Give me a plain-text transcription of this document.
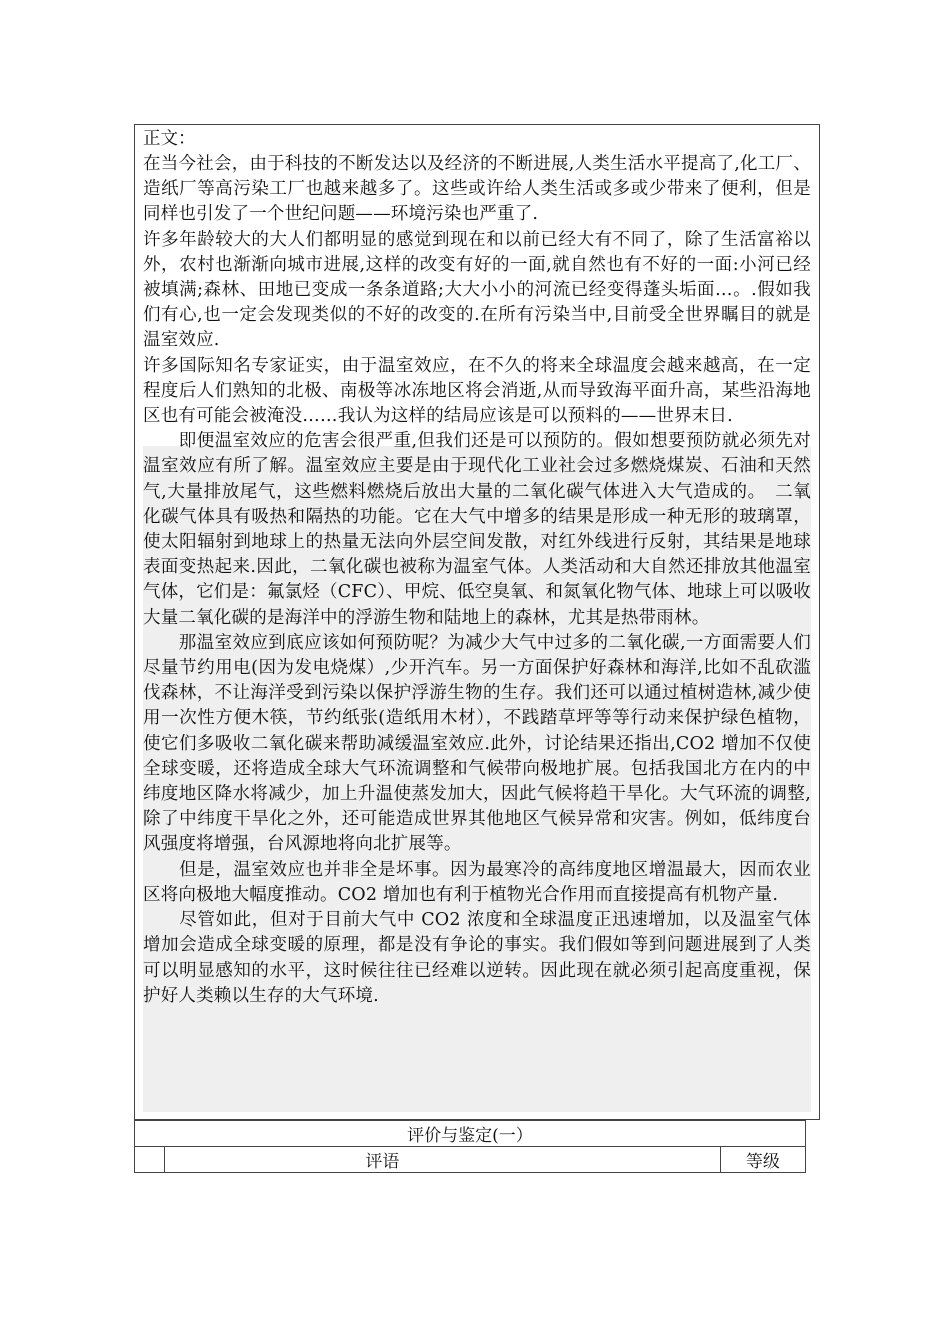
正文：

在当今社会，由于科技的不断发达以及经济的不断进展,人类生活水平提高了,化工厂、造纸厂等高污染工厂也越来越多了。这些或许给人类生活或多或少带来了便利，但是同样也引发了一个世纪问题——环境污染也严重了.

许多年龄较大的大人们都明显的感觉到现在和以前已经大有不同了，除了生活富裕以外，农村也渐渐向城市进展,这样的改变有好的一面,就自然也有不好的一面:小河已经被填满;森林、田地已变成一条条道路;大大小小的河流已经变得蓬头垢面…。.假如我们有心,也一定会发现类似的不好的改变的.在所有污染当中,目前受全世界瞩目的就是温室效应.

许多国际知名专家证实，由于温室效应，在不久的将来全球温度会越来越高，在一定程度后人们熟知的北极、南极等冰冻地区将会消逝,从而导致海平面升高，某些沿海地区也有可能会被淹没……我认为这样的结局应该是可以预料的——世界末日.

　　即便温室效应的危害会很严重,但我们还是可以预防的。假如想要预防就必须先对温室效应有所了解。温室效应主要是由于现代化工业社会过多燃烧煤炭、石油和天然气,大量排放尾气，这些燃料燃烧后放出大量的二氧化碳气体进入大气造成的。　二氧化碳气体具有吸热和隔热的功能。它在大气中增多的结果是形成一种无形的玻璃罩，使太阳辐射到地球上的热量无法向外层空间发散，对红外线进行反射，其结果是地球表面变热起来.因此，二氧化碳也被称为温室气体。人类活动和大自然还排放其他温室气体，它们是：氟氯烃（CFC）、甲烷、低空臭氧、和氮氧化物气体、地球上可以吸收大量二氧化碳的是海洋中的浮游生物和陆地上的森林，尤其是热带雨林。

　　那温室效应到底应该如何预防呢？为减少大气中过多的二氧化碳,一方面需要人们尽量节约用电(因为发电烧煤）,少开汽车。另一方面保护好森林和海洋,比如不乱砍滥伐森林，不让海洋受到污染以保护浮游生物的生存。我们还可以通过植树造林,减少使用一次性方便木筷，节约纸张(造纸用木材），不践踏草坪等等行动来保护绿色植物，使它们多吸收二氧化碳来帮助减缓温室效应.此外，讨论结果还指出,CO2 增加不仅使全球变暖，还将造成全球大气环流调整和气候带向极地扩展。包括我国北方在内的中纬度地区降水将减少，加上升温使蒸发加大，因此气候将趋干旱化。大气环流的调整,除了中纬度干旱化之外，还可能造成世界其他地区气候异常和灾害。例如，低纬度台风强度将增强，台风源地将向北扩展等。

　　但是，温室效应也并非全是坏事。因为最寒冷的高纬度地区增温最大，因而农业区将向极地大幅度推动。CO2 增加也有利于植物光合作用而直接提高有机物产量.

　　尽管如此，但对于目前大气中 CO2 浓度和全球温度正迅速增加，以及温室气体增加会造成全球变暖的原理，都是没有争论的事实。我们假如等到问题进展到了人类可以明显感知的水平，这时候往往已经难以逆转。因此现在就必须引起高度重视，保护好人类赖以生存的大气环境.

评价与鉴定(一）
	评语	等级
